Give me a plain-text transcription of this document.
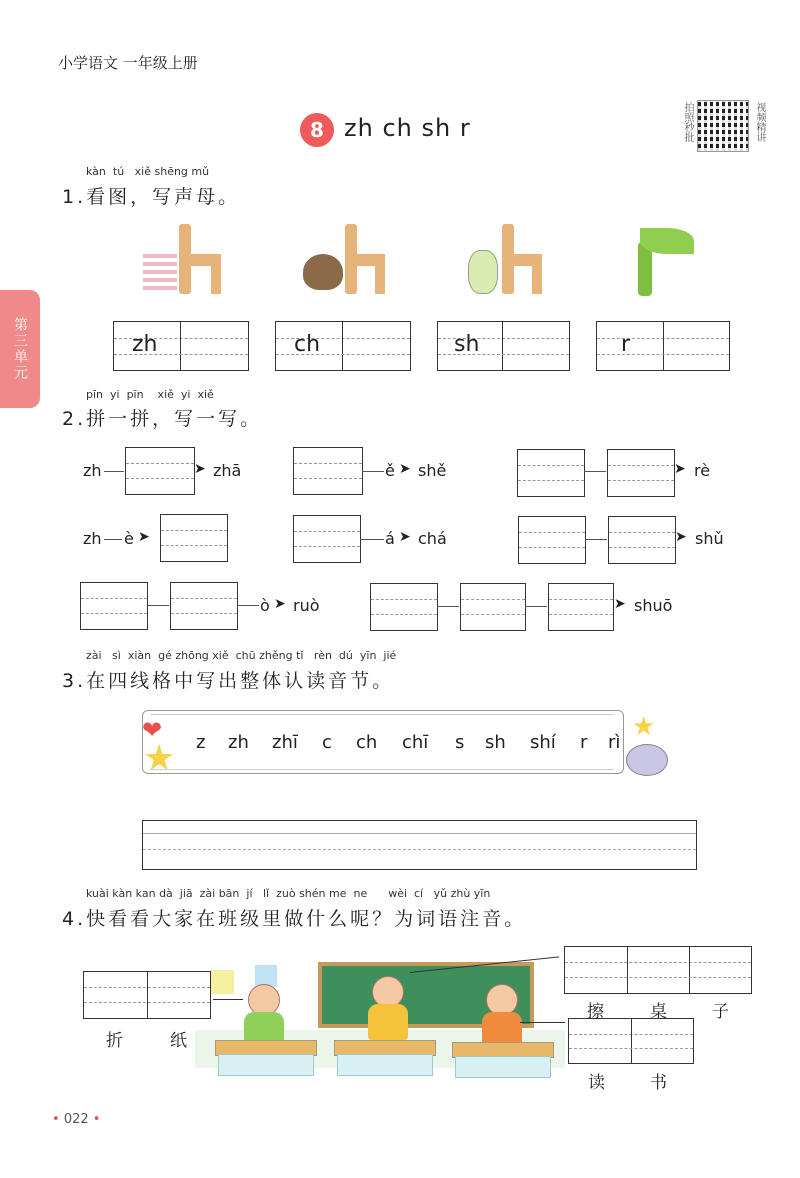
小学语文 一年级上册
第三单元
8 zh ch sh r	拍照秒批	视频精讲
kàn  tú   xiě shēng mǔ
1.看图，写声母。
zh	ch	sh	r
pīn  yi  pīn    xiě  yi  xiě
2.拼一拼，写一写。
zh	➤ zhā	ě ➤ shě	➤ rè
zh è ➤	á ➤ chá	➤ shǔ
ò ➤ ruò	➤ shuō
zài   sì  xiàn  gé zhōng xiě  chū zhěng tǐ   rèn  dú  yīn  jié
3.在四线格中写出整体认读音节。
❤
★
★
z zh zhī c ch chī s sh shí r rì
kuài kàn kan dà  jiā  zài bān  jí   lǐ  zuò shén me  ne      wèi  cí   yǔ zhù yīn
4.快看看大家在班级里做什么呢？为词语注音。
折	纸
擦	桌	子
读	书
• 022 •
